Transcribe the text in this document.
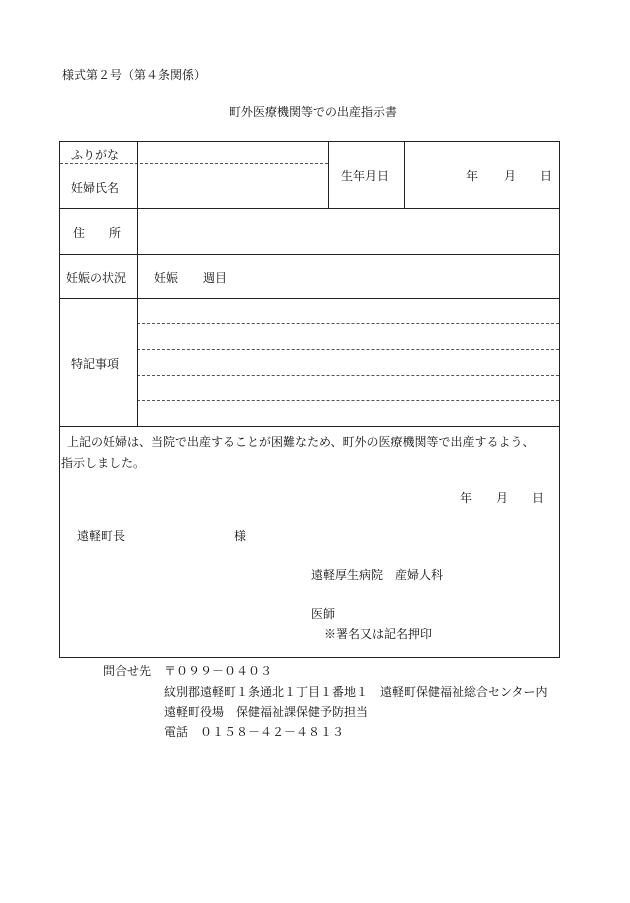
様式第２号（第４条関係）
町外医療機関等での出産指示書
ふりがな
妊婦氏名
生年月日	年 月 日
住　　所
妊娠の状況 妊娠 週目
特記事項
上記の妊婦は、当院で出産することが困難なため、町外の医療機関等で出産するよう、
指示しました。
年 月 日
遠軽町長	様
遠軽厚生病院　産婦人科
医師
※署名又は記名押印
問合せ先 〒０９９－０４０３
紋別郡遠軽町１条通北１丁目１番地１　遠軽町保健福祉総合センター内
遠軽町役場　保健福祉課保健予防担当
電話　０１５８－４２－４８１３
